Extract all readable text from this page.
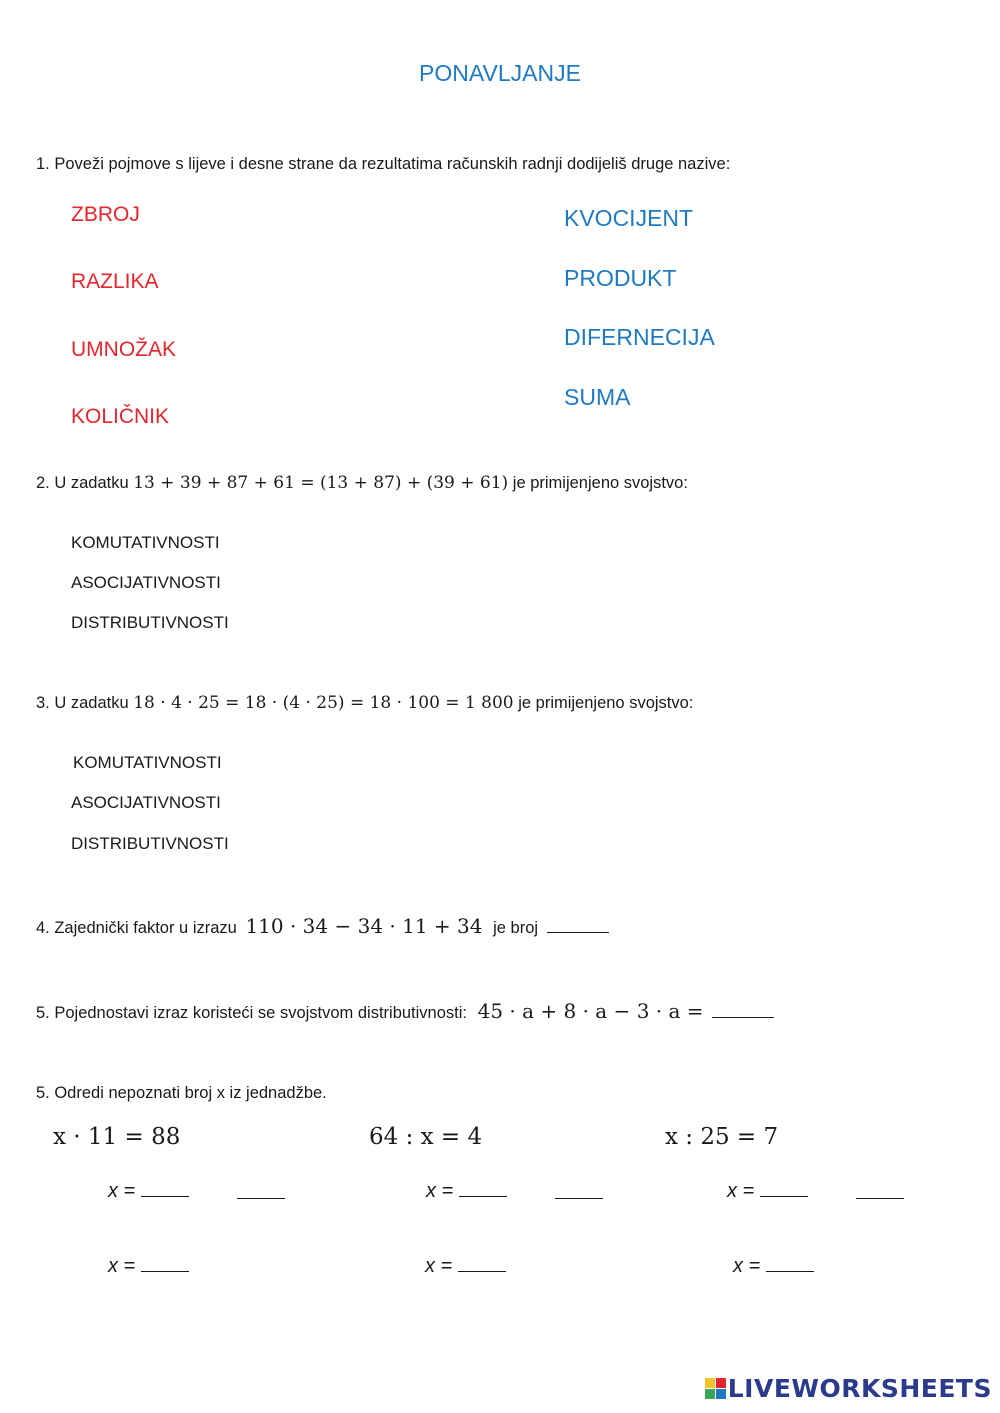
PONAVLJANJE
1. Poveži pojmove s lijeve i desne strane da rezultatima računskih radnji dodijeliš druge nazive:
ZBROJ
RAZLIKA
UMNOŽAK
KOLIČNIK
KVOCIJENT
PRODUKT
DIFERNECIJA
SUMA
2. U zadatku 13 + 39 + 87 + 61 = (13 + 87) + (39 + 61) je primijenjeno svojstvo:
KOMUTATIVNOSTI
ASOCIJATIVNOSTI
DISTRIBUTIVNOSTI
3. U zadatku 18 · 4 · 25 = 18 · (4 · 25) = 18 · 100 = 1 800 je primijenjeno svojstvo:
KOMUTATIVNOSTI
ASOCIJATIVNOSTI
DISTRIBUTIVNOSTI
4. Zajednički faktor u izrazu 110 · 34 − 34 · 11 + 34 je broj
5. Pojednostavi izraz koristeći se svojstvom distributivnosti: 45 · a + 8 · a − 3 · a =
5. Odredi nepoznati broj x iz jednadžbe.
x · 11 = 88	64 : x = 4	x : 25 = 7
x =	x =	x =
x =	x =	x =
LIVEWORKSHEETS
